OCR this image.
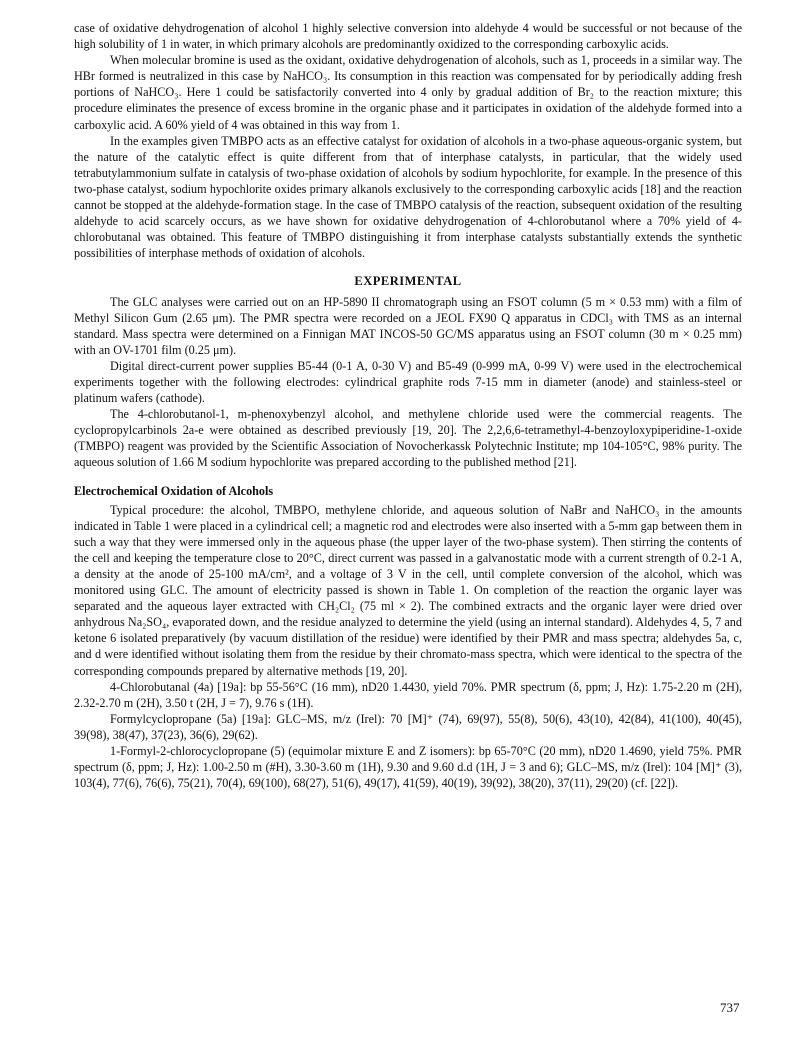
case of oxidative dehydrogenation of alcohol 1 highly selective conversion into aldehyde 4 would be successful or not because of the high solubility of 1 in water, in which primary alcohols are predominantly oxidized to the corresponding carboxylic acids.

When molecular bromine is used as the oxidant, oxidative dehydrogenation of alcohols, such as 1, proceeds in a similar way. The HBr formed is neutralized in this case by NaHCO₃. Its consumption in this reaction was compensated for by periodically adding fresh portions of NaHCO₃. Here 1 could be satisfactorily converted into 4 only by gradual addition of Br₂ to the reaction mixture; this procedure eliminates the presence of excess bromine in the organic phase and it participates in oxidation of the aldehyde formed into a carboxylic acid. A 60% yield of 4 was obtained in this way from 1.

In the examples given TMBPO acts as an effective catalyst for oxidation of alcohols in a two-phase aqueous-organic system, but the nature of the catalytic effect is quite different from that of interphase catalysts, in particular, that the widely used tetrabutylammonium sulfate in catalysis of two-phase oxidation of alcohols by sodium hypochlorite, for example. In the presence of this two-phase catalyst, sodium hypochlorite oxides primary alkanols exclusively to the corresponding carboxylic acids [18] and the reaction cannot be stopped at the aldehyde-formation stage. In the case of TMBPO catalysis of the reaction, subsequent oxidation of the resulting aldehyde to acid scarcely occurs, as we have shown for oxidative dehydrogenation of 4-chlorobutanol where a 70% yield of 4-chlorobutanal was obtained. This feature of TMBPO distinguishing it from interphase catalysts substantially extends the synthetic possibilities of interphase methods of oxidation of alcohols.

EXPERIMENTAL

The GLC analyses were carried out on an HP-5890 II chromatograph using an FSOT column (5 m × 0.53 mm) with a film of Methyl Silicon Gum (2.65 μm). The PMR spectra were recorded on a JEOL FX90 Q apparatus in CDCl₃ with TMS as an internal standard. Mass spectra were determined on a Finnigan MAT INCOS-50 GC/MS apparatus using an FSOT column (30 m × 0.25 mm) with an OV-1701 film (0.25 μm).

Digital direct-current power supplies B5-44 (0-1 A, 0-30 V) and B5-49 (0-999 mA, 0-99 V) were used in the electrochemical experiments together with the following electrodes: cylindrical graphite rods 7-15 mm in diameter (anode) and stainless-steel or platinum wafers (cathode).

The 4-chlorobutanol-1, m-phenoxybenzyl alcohol, and methylene chloride used were the commercial reagents. The cyclopropylcarbinols 2a-e were obtained as described previously [19, 20]. The 2,2,6,6-tetramethyl-4-benzoyloxypiperidine-1-oxide (TMBPO) reagent was provided by the Scientific Association of Novocherkassk Polytechnic Institute; mp 104-105°C, 98% purity. The aqueous solution of 1.66 M sodium hypochlorite was prepared according to the published method [21].

Electrochemical Oxidation of Alcohols

Typical procedure: the alcohol, TMBPO, methylene chloride, and aqueous solution of NaBr and NaHCO₃ in the amounts indicated in Table 1 were placed in a cylindrical cell; a magnetic rod and electrodes were also inserted with a 5-mm gap between them in such a way that they were immersed only in the aqueous phase (the upper layer of the two-phase system). Then stirring the contents of the cell and keeping the temperature close to 20°C, direct current was passed in a galvanostatic mode with a current strength of 0.2-1 A, a density at the anode of 25-100 mA/cm², and a voltage of 3 V in the cell, until complete conversion of the alcohol, which was monitored using GLC. The amount of electricity passed is shown in Table 1. On completion of the reaction the organic layer was separated and the aqueous layer extracted with CH₂Cl₂ (75 ml × 2). The combined extracts and the organic layer were dried over anhydrous Na₂SO₄, evaporated down, and the residue analyzed to determine the yield (using an internal standard). Aldehydes 4, 5, 7 and ketone 6 isolated preparatively (by vacuum distillation of the residue) were identified by their PMR and mass spectra; aldehydes 5a, c, and d were identified without isolating them from the residue by their chromato-mass spectra, which were identical to the spectra of the corresponding compounds prepared by alternative methods [19, 20].

4-Chlorobutanal (4a) [19a]: bp 55-56°C (16 mm), nD20 1.4430, yield 70%. PMR spectrum (δ, ppm; J, Hz): 1.75-2.20 m (2H), 2.32-2.70 m (2H), 3.50 t (2H, J = 7), 9.76 s (1H).

Formylcyclopropane (5a) [19a]: GLC–MS, m/z (Irel): 70 [M]⁺ (74), 69(97), 55(8), 50(6), 43(10), 42(84), 41(100), 40(45), 39(98), 38(47), 37(23), 36(6), 29(62).

1-Formyl-2-chlorocyclopropane (5) (equimolar mixture E and Z isomers): bp 65-70°C (20 mm), nD20 1.4690, yield 75%. PMR spectrum (δ, ppm; J, Hz): 1.00-2.50 m (#H), 3.30-3.60 m (1H), 9.30 and 9.60 d.d (1H, J = 3 and 6); GLC–MS, m/z (Irel): 104 [M]⁺ (3), 103(4), 77(6), 76(6), 75(21), 70(4), 69(100), 68(27), 51(6), 49(17), 41(59), 40(19), 39(92), 38(20), 37(11), 29(20) (cf. [22]).

737
